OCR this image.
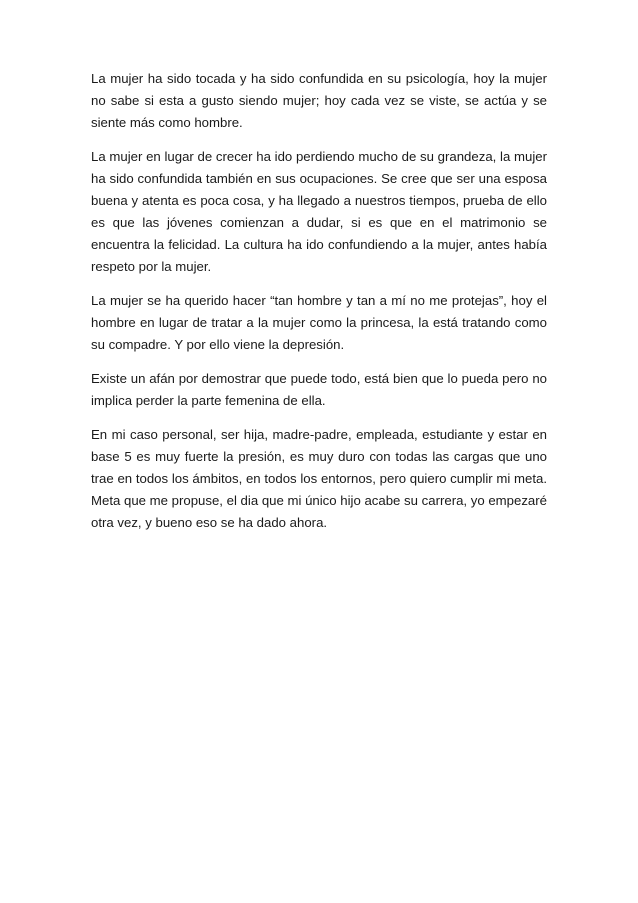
La mujer ha sido tocada y ha sido confundida en su psicología, hoy la mujer no sabe si esta a gusto siendo mujer; hoy cada vez se viste, se actúa y se siente más como hombre.

La mujer en lugar de crecer ha ido perdiendo mucho de su grandeza, la mujer ha sido confundida también en sus ocupaciones. Se cree que ser una esposa buena y atenta es poca cosa, y ha llegado a nuestros tiempos, prueba de ello es que las jóvenes comienzan a dudar, si es que en el matrimonio se encuentra la felicidad. La cultura ha ido confundiendo a la mujer, antes había respeto por la mujer.

La mujer se ha querido hacer “tan hombre y tan a mí no me protejas”, hoy el hombre en lugar de tratar a la mujer como la princesa, la está tratando como su compadre. Y por ello viene la depresión.

Existe un afán por demostrar que puede todo, está bien que lo pueda pero no implica perder la parte femenina de ella.

En mi caso personal, ser hija, madre-padre, empleada, estudiante y estar en base 5 es muy fuerte la presión, es muy duro con todas las cargas que uno trae en todos los ámbitos, en todos los entornos, pero quiero cumplir mi meta. Meta que me propuse, el dia que mi único hijo acabe su carrera, yo empezaré otra vez, y bueno eso se ha dado ahora.
